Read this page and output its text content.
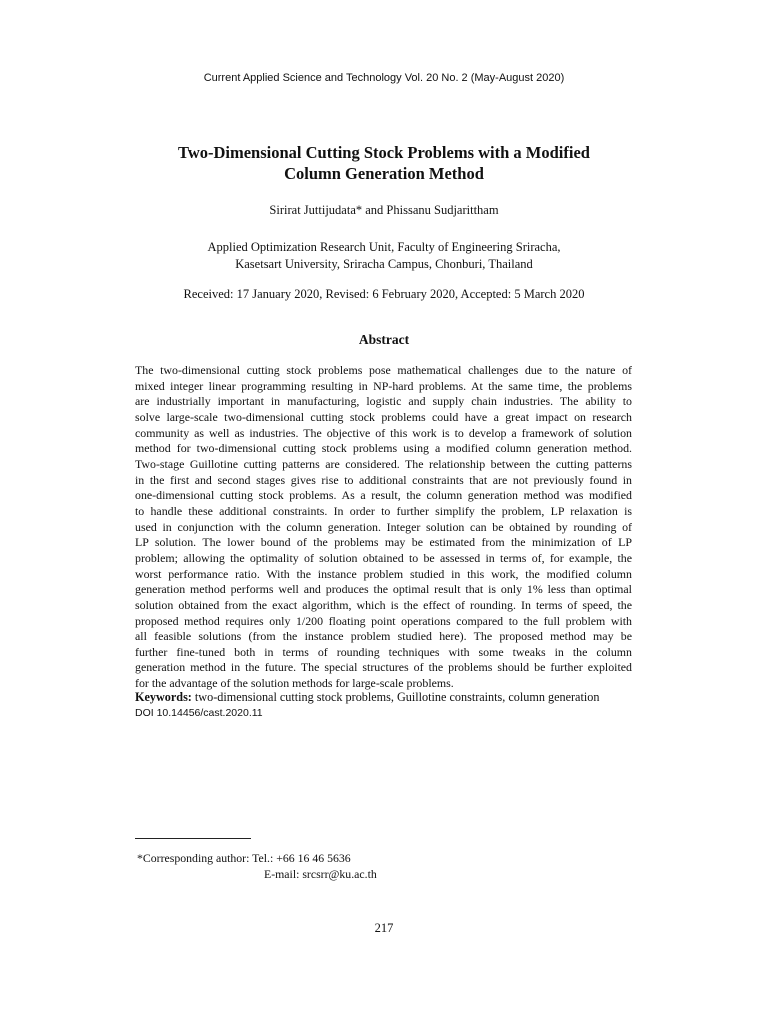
Current Applied Science and Technology Vol. 20 No. 2 (May-August 2020)
Two-Dimensional Cutting Stock Problems with a Modified
Column Generation Method
Sirirat Juttijudata* and Phissanu Sudjarittham
Applied Optimization Research Unit, Faculty of Engineering Sriracha,
Kasetsart University, Sriracha Campus, Chonburi, Thailand
Received: 17 January 2020, Revised: 6 February 2020, Accepted: 5 March 2020
Abstract
The two-dimensional cutting stock problems pose mathematical challenges due to the nature of
mixed integer linear programming resulting in NP-hard problems. At the same time, the problems
are industrially important in manufacturing, logistic and supply chain industries. The ability to
solve large-scale two-dimensional cutting stock problems could have a great impact on research
community as well as industries. The objective of this work is to develop a framework of solution
method for two-dimensional cutting stock problems using a modified column generation method.
Two-stage Guillotine cutting patterns are considered. The relationship between the cutting patterns
in the first and second stages gives rise to additional constraints that are not previously found in
one-dimensional cutting stock problems. As a result, the column generation method was modified
to handle these additional constraints. In order to further simplify the problem, LP relaxation is
used in conjunction with the column generation. Integer solution can be obtained by rounding of
LP solution. The lower bound of the problems may be estimated from the minimization of LP
problem; allowing the optimality of solution obtained to be assessed in terms of, for example, the
worst performance ratio. With the instance problem studied in this work, the modified column
generation method performs well and produces the optimal result that is only 1% less than optimal
solution obtained from the exact algorithm, which is the effect of rounding. In terms of speed, the
proposed method requires only 1/200 floating point operations compared to the full problem with
all feasible solutions (from the instance problem studied here). The proposed method may be
further fine-tuned both in terms of rounding techniques with some tweaks in the column
generation method in the future. The special structures of the problems should be further exploited
for the advantage of the solution methods for large-scale problems.
Keywords: two-dimensional cutting stock problems, Guillotine constraints, column generation
DOI 10.14456/cast.2020.11
*Corresponding author: Tel.: +66 16 46 5636
E-mail: srcsrr@ku.ac.th
217
